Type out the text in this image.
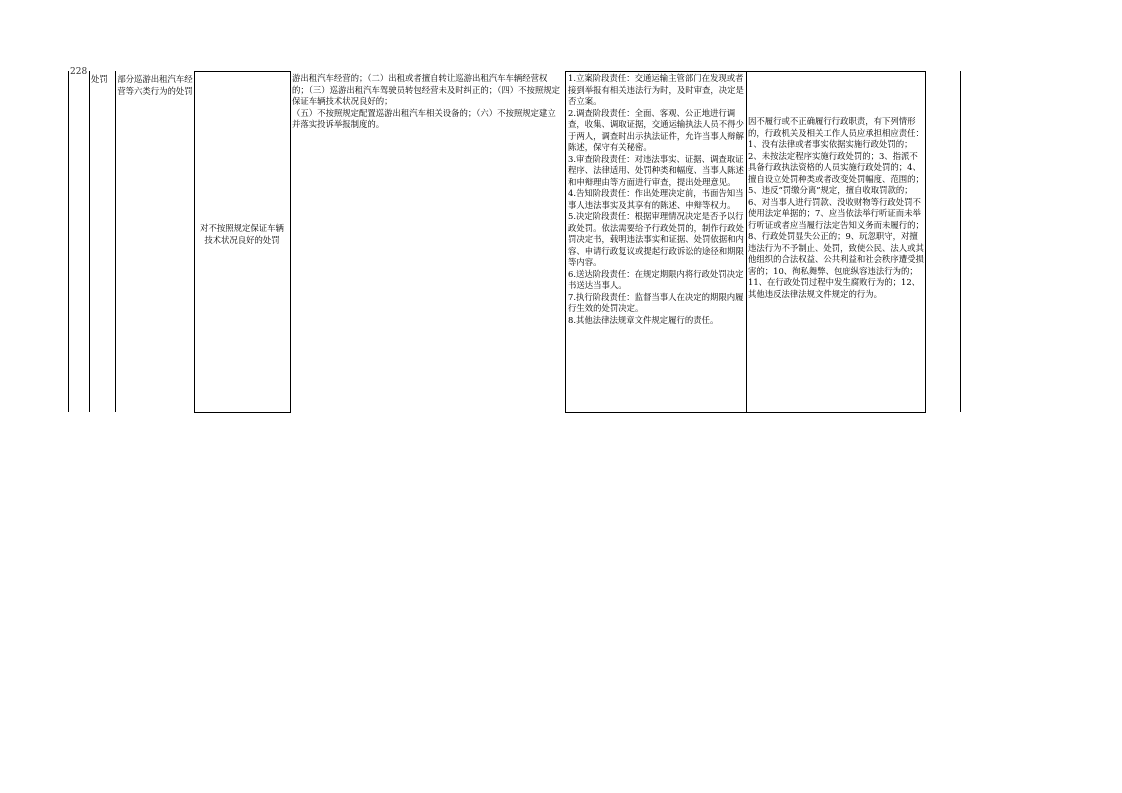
228
处罚	部分巡游出租汽车经营等六类行为的处罚
对不按照规定保证车辆技术状况良好的处罚
游出租汽车经营的；（二）出租或者擅自转让巡游出租汽车车辆经营权的；（三）巡游出租汽车驾驶员转包经营未及时纠正的；（四）不按照规定保证车辆技术状况良好的；
（五）不按照规定配置巡游出租汽车相关设备的；（六）不按照规定建立并落实投诉举报制度的。
1.立案阶段责任：交通运输主管部门在发现或者接到举报有相关违法行为时，及时审查，决定是否立案。
2.调查阶段责任：全面、客观、公正地进行调查，收集、调取证据，交通运输执法人员不得少于两人，调查时出示执法证件，允许当事人辩解陈述，保守有关秘密。
3.审查阶段责任：对违法事实、证据、调查取证程序、法律适用、处罚种类和幅度、当事人陈述和申辩理由等方面进行审查，提出处理意见。
4.告知阶段责任：作出处理决定前，书面告知当事人违法事实及其享有的陈述、申辩等权力。
5.决定阶段责任：根据审理情况决定是否予以行政处罚。依法需要给予行政处罚的，制作行政处罚决定书，载明违法事实和证据、处罚依据和内容、申请行政复议或提起行政诉讼的途径和期限等内容。
6.送达阶段责任：在规定期限内将行政处罚决定书送达当事人。
7.执行阶段责任：监督当事人在决定的期限内履行生效的处罚决定。
8.其他法律法规章文件规定履行的责任。
因不履行或不正确履行行政职责，有下列情形的，行政机关及相关工作人员应承担相应责任：1、没有法律或者事实依据实施行政处罚的；2、未按法定程序实施行政处罚的；3、指派不具备行政执法资格的人员实施行政处罚的；4、擅自设立处罚种类或者改变处罚幅度、范围的；5、违反“罚缴分离”规定，擅自收取罚款的；6、对当事人进行罚款、没收财物等行政处罚不使用法定单据的；7、应当依法举行听证而未举行听证或者应当履行法定告知义务而未履行的；8、行政处罚显失公正的；9、玩忽职守，对擅违法行为不予制止、处罚，致使公民、法人或其他组织的合法权益、公共利益和社会秩序遭受损害的；10、徇私舞弊、包庇纵容违法行为的；11、在行政处罚过程中发生腐败行为的；12、其他违反法律法规文件规定的行为。
